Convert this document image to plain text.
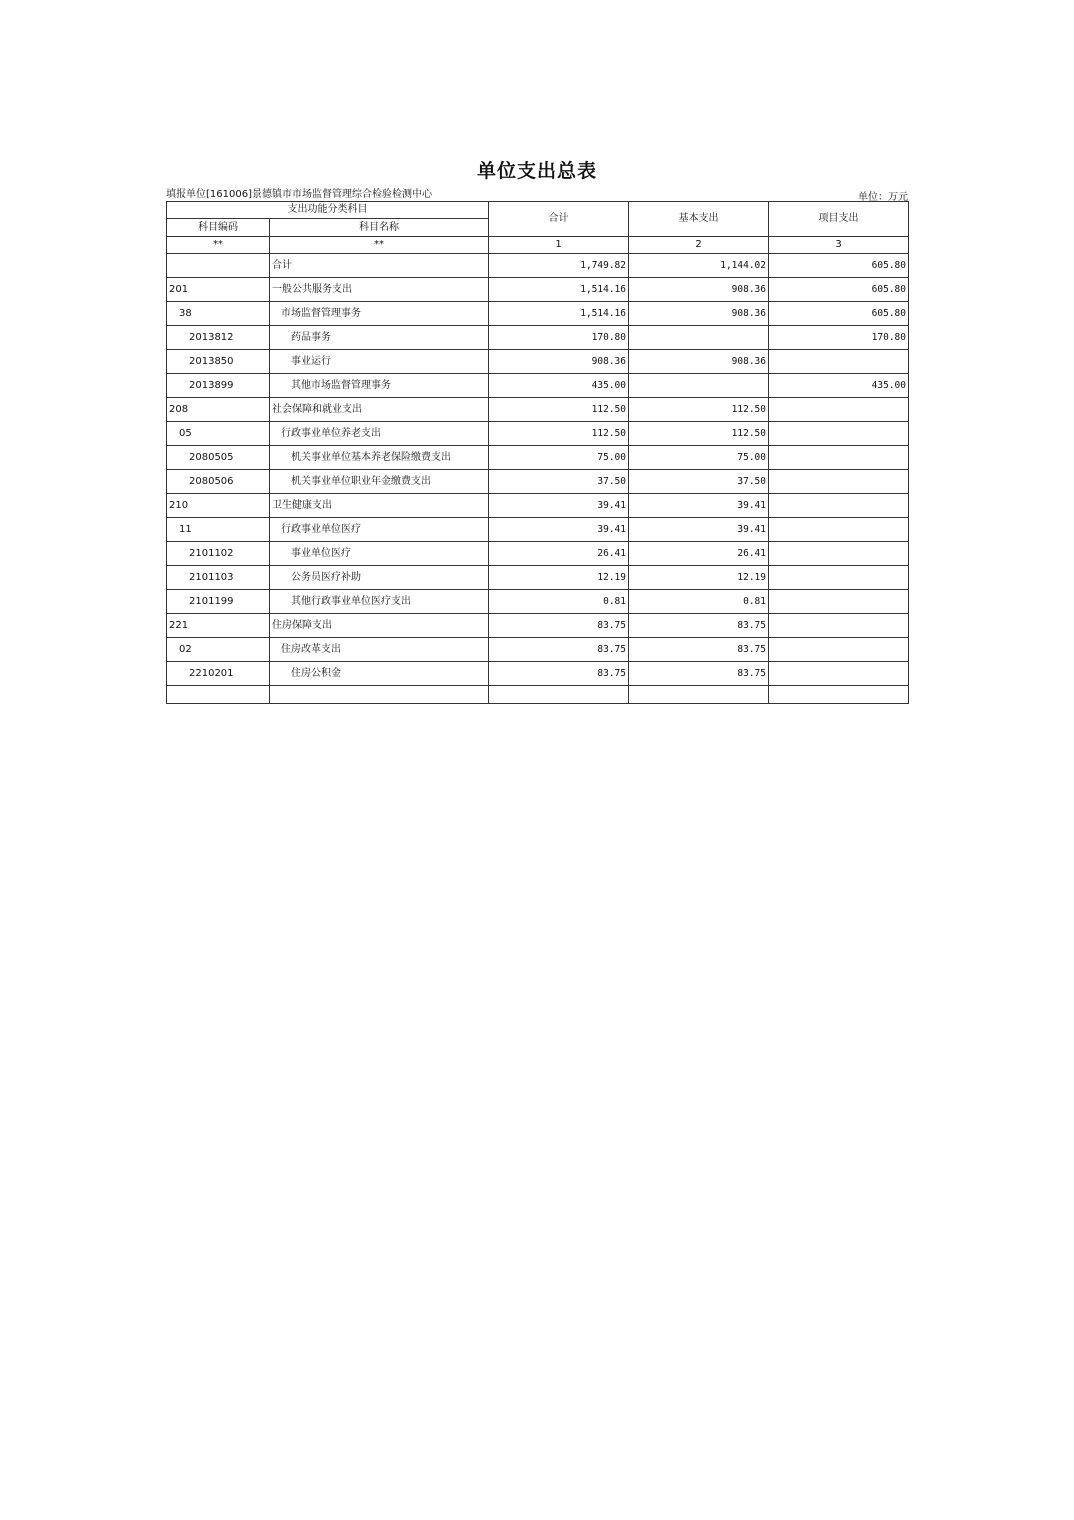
单位支出总表
填报单位[161006]景德镇市市场监督管理综合检验检测中心	单位：万元
支出功能分类科目		合计	基本支出	项目支出
科目编码	科目名称			
**	**	1	2	3
	合计	1,749.82	1,144.02	605.80
201	一般公共服务支出	1,514.16	908.36	605.80
38	市场监督管理事务	1,514.16	908.36	605.80
2013812	药品事务	170.80		170.80
2013850	事业运行	908.36	908.36	
2013899	其他市场监督管理事务	435.00		435.00
208	社会保障和就业支出	112.50	112.50	
05	行政事业单位养老支出	112.50	112.50	
2080505	机关事业单位基本养老保险缴费支出	75.00	75.00	
2080506	机关事业单位职业年金缴费支出	37.50	37.50	
210	卫生健康支出	39.41	39.41	
11	行政事业单位医疗	39.41	39.41	
2101102	事业单位医疗	26.41	26.41	
2101103	公务员医疗补助	12.19	12.19	
2101199	其他行政事业单位医疗支出	0.81	0.81	
221	住房保障支出	83.75	83.75	
02	住房改革支出	83.75	83.75	
2210201	住房公积金	83.75	83.75	
